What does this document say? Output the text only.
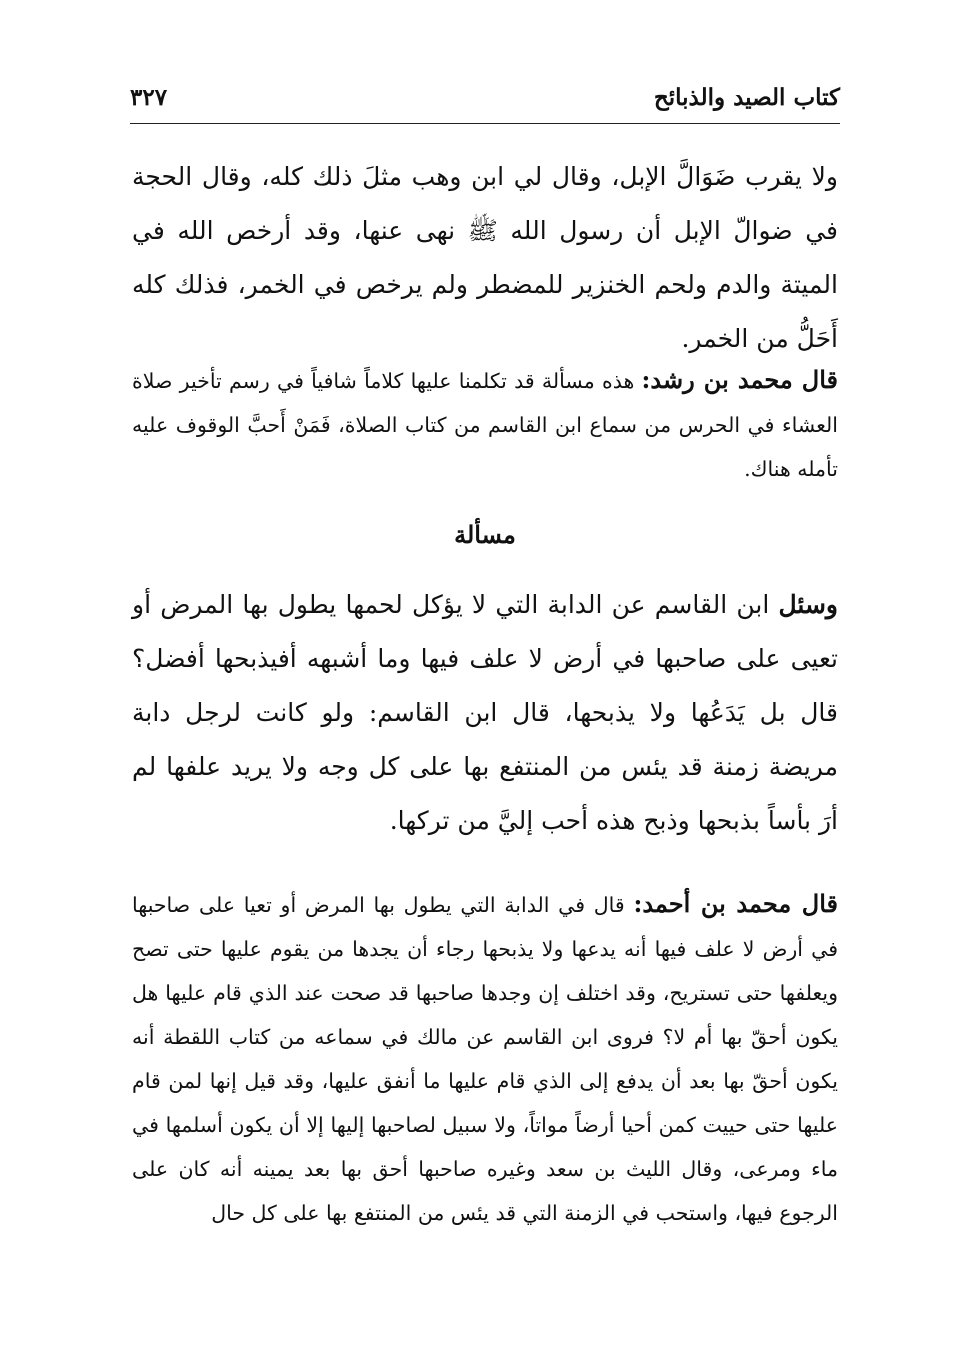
كتاب الصيد والذبائح
٣٢٧

ولا يقرب ضَوَالَّ الإبل، وقال لي ابن وهب مثلَ ذلك كله، وقال الحجة في ضوالّ الإبل أن رسول الله ﷺ نهى عنها، وقد أرخص الله في الميتة والدم ولحم الخنزير للمضطر ولم يرخص في الخمر، فذلك كله أَحَلُّ من الخمر.

قال محمد بن رشد: هذه مسألة قد تكلمنا عليها كلاماً شافياً في رسم تأخير صلاة العشاء في الحرس من سماع ابن القاسم من كتاب الصلاة، فَمَنْ أَحبَّ الوقوف عليه تأمله هناك.

مسألة

وسئل ابن القاسم عن الدابة التي لا يؤكل لحمها يطول بها المرض أو تعيى على صاحبها في أرض لا علف فيها وما أشبهه أفيذبحها أفضل؟ قال بل يَدَعُها ولا يذبحها، قال ابن القاسم: ولو كانت لرجل دابة مريضة زمنة قد يئس من المنتفع بها على كل وجه ولا يريد علفها لم أرَ بأساً بذبحها وذبح هذه أحب إليَّ من تركها.

قال محمد بن أحمد: قال في الدابة التي يطول بها المرض أو تعيا على صاحبها في أرض لا علف فيها أنه يدعها ولا يذبحها رجاء أن يجدها من يقوم عليها حتى تصح ويعلفها حتى تستريح، وقد اختلف إن وجدها صاحبها قد صحت عند الذي قام عليها هل يكون أحقّ بها أم لا؟ فروى ابن القاسم عن مالك في سماعه من كتاب اللقطة أنه يكون أحقّ بها بعد أن يدفع إلى الذي قام عليها ما أنفق عليها، وقد قيل إنها لمن قام عليها حتى حييت كمن أحيا أرضاً مواتاً، ولا سبيل لصاحبها إليها إلا أن يكون أسلمها في ماء ومرعى، وقال الليث بن سعد وغيره صاحبها أحق بها بعد يمينه أنه كان على الرجوع فيها، واستحب في الزمنة التي قد يئس من المنتفع بها على كل حال
